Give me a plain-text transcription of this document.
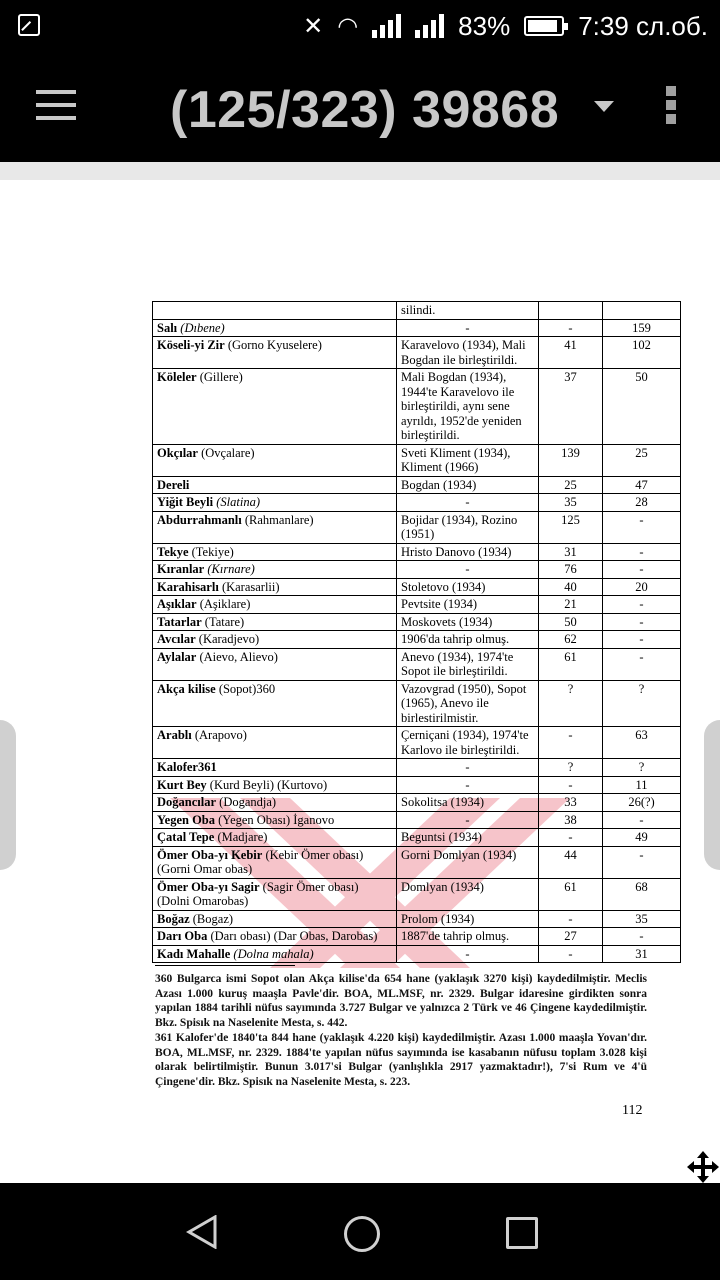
✕ ◠	83%	7:39 сл.об.
(125/323) 39868
	silindi.		
Salı (Dıbene)	-	-	159
Köseli-yi Zir (Gorno Kyuselere)	Karavelovo (1934), Mali Bogdan ile birleştirildi.	41	102
Köleler (Gillere)	Mali Bogdan (1934), 1944'te Karavelovo ile birleştirildi, aynı sene ayrıldı, 1952'de yeniden birleştirildi.	37	50
Okçılar (Ovçalare)	Sveti Kliment (1934), Kliment (1966)	139	25
Dereli	Bogdan (1934)	25	47
Yiğit Beyli (Slatina)	-	35	28
Abdurrahmanlı (Rahmanlare)	Bojidar (1934), Rozino (1951)	125	-
Tekye (Tekiye)	Hristo Danovo (1934)	31	-
Kıranlar (Kırnare)	-	76	-
Karahisarlı (Karasarlii)	Stoletovo (1934)	40	20
Aşıklar (Aşiklare)	Pevtsite (1934)	21	-
Tatarlar (Tatare)	Moskovets (1934)	50	-
Avcılar (Karadjevo)	1906'da tahrip olmuş.	62	-
Aylalar (Aievo, Alievo)	Anevo (1934), 1974'te Sopot ile birleştirildi.	61	-
Akça kilise (Sopot)360	Vazovgrad (1950), Sopot (1965), Anevo ile birlestirilmistir.	?	?
Arablı (Arapovo)	Çerniçani (1934), 1974'te Karlovo ile birleştirildi.	-	63
Kalofer361	-	?	?
Kurt Bey (Kurd Beyli) (Kurtovo)	-	-	11
Doğancılar (Dogandja)	Sokolitsa (1934)	33	26(?)
Yegen Oba (Yegen Obası) İganovo	-	38	-
Çatal Tepe (Madjare)	Beguntsi (1934)	-	49
Ömer Oba-yı Kebir (Kebir Ömer obası) (Gorni Omar obas)	Gorni Domlyan (1934)	44	-
Ömer Oba-yı Sagir (Sagir Ömer obası) (Dolni Omarobas)	Domlyan (1934)	61	68
Boğaz (Bogaz)	Prolom (1934)	-	35
Darı Oba (Darı obası) (Dar Obas, Darobas)	1887'de tahrip olmuş.	27	-
Kadı Mahalle (Dolna mahala)	-	-	31

360 Bulgarca ismi Sopot olan Akça kilise'da 654 hane (yaklaşık 3270 kişi) kaydedilmiştir. Meclis Azası 1.000 kuruş maaşla Pavle'dir. BOA, ML.MSF, nr. 2329. Bulgar idaresine girdikten sonra yapılan 1884 tarihli nüfus sayımında 3.727 Bulgar ve yalnızca 2 Türk ve 46 Çingene kaydedilmiştir. Bkz. Spisık na Naselenite Mesta, s. 442.

361 Kalofer'de 1840'ta 844 hane (yaklaşık 4.220 kişi) kaydedilmiştir. Azası 1.000 maaşla Yovan'dır. BOA, ML.MSF, nr. 2329. 1884'te yapılan nüfus sayımında ise kasabanın nüfusu toplam 3.028 kişi olarak belirtilmiştir. Bunun 3.017'si Bulgar (yanlışlıkla 2917 yazmaktadır!), 7'si Rum ve 4'ü Çingene'dir. Bkz. Spisık na Naselenite Mesta, s. 223.

112
